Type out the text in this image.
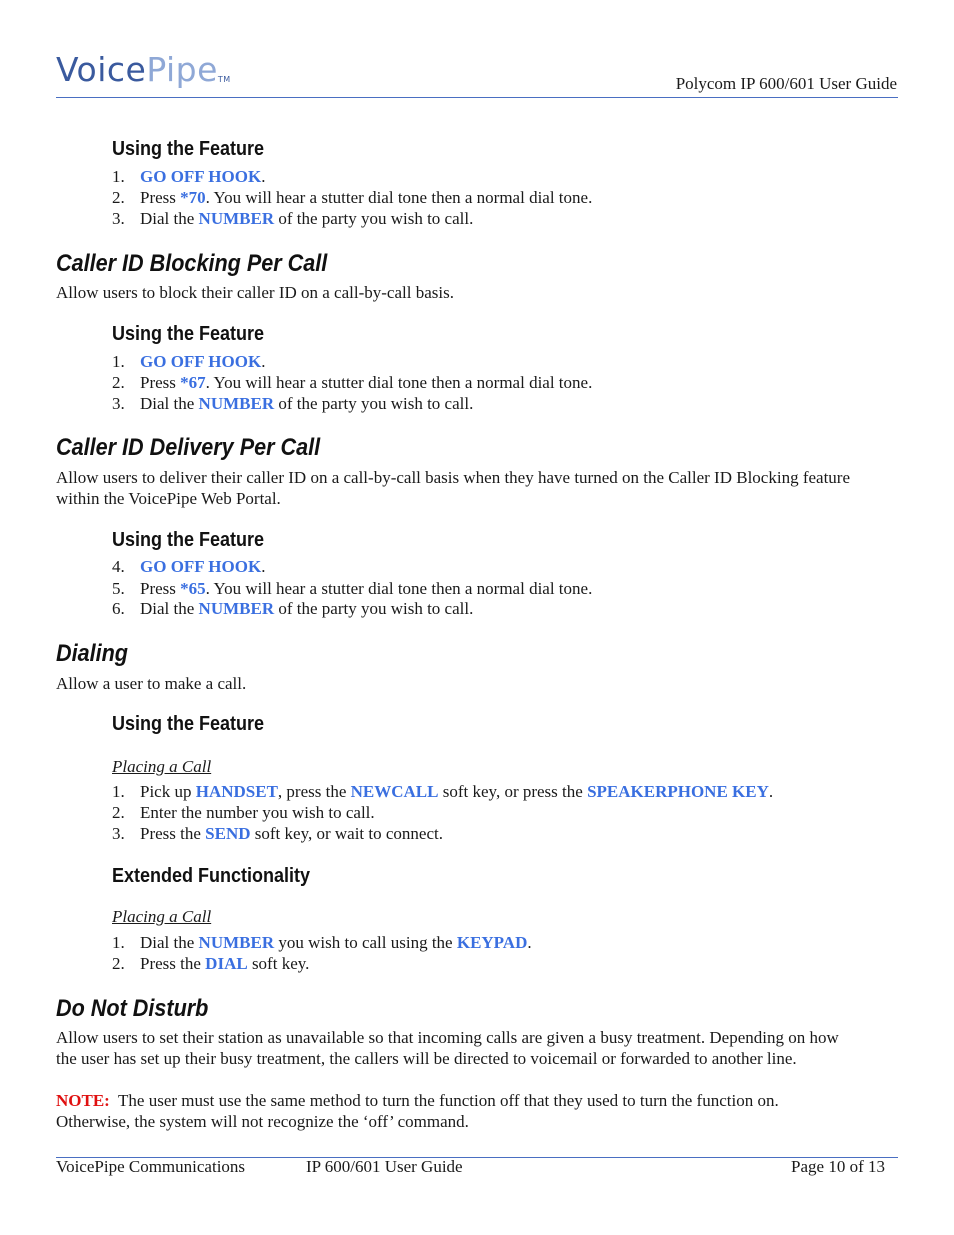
VoicePipe™	Polycom IP 600/601 User Guide
Using the Feature
1. GO OFF HOOK.
2. Press *70. You will hear a stutter dial tone then a normal dial tone.
3. Dial the NUMBER of the party you wish to call.
Caller ID Blocking Per Call
Allow users to block their caller ID on a call-by-call basis.
Using the Feature
1. GO OFF HOOK.
2. Press *67. You will hear a stutter dial tone then a normal dial tone.
3. Dial the NUMBER of the party you wish to call.
Caller ID Delivery Per Call
Allow users to deliver their caller ID on a call-by-call basis when they have turned on the Caller ID Blocking feature
within the VoicePipe Web Portal.
Using the Feature
4. GO OFF HOOK.
5. Press *65. You will hear a stutter dial tone then a normal dial tone.
6. Dial the NUMBER of the party you wish to call.
Dialing
Allow a user to make a call.
Using the Feature
Placing a Call
1. Pick up HANDSET, press the NEWCALL soft key, or press the SPEAKERPHONE KEY.
2. Enter the number you wish to call.
3. Press the SEND soft key, or wait to connect.
Extended Functionality
Placing a Call
1. Dial the NUMBER you wish to call using the KEYPAD.
2. Press the DIAL soft key.
Do Not Disturb
Allow users to set their station as unavailable so that incoming calls are given a busy treatment. Depending on how
the user has set up their busy treatment, the callers will be directed to voicemail or forwarded to another line.
NOTE:  The user must use the same method to turn the function off that they used to turn the function on.
Otherwise, the system will not recognize the ‘off’ command.
VoicePipe Communications	IP 600/601 User Guide	Page 10 of 13
